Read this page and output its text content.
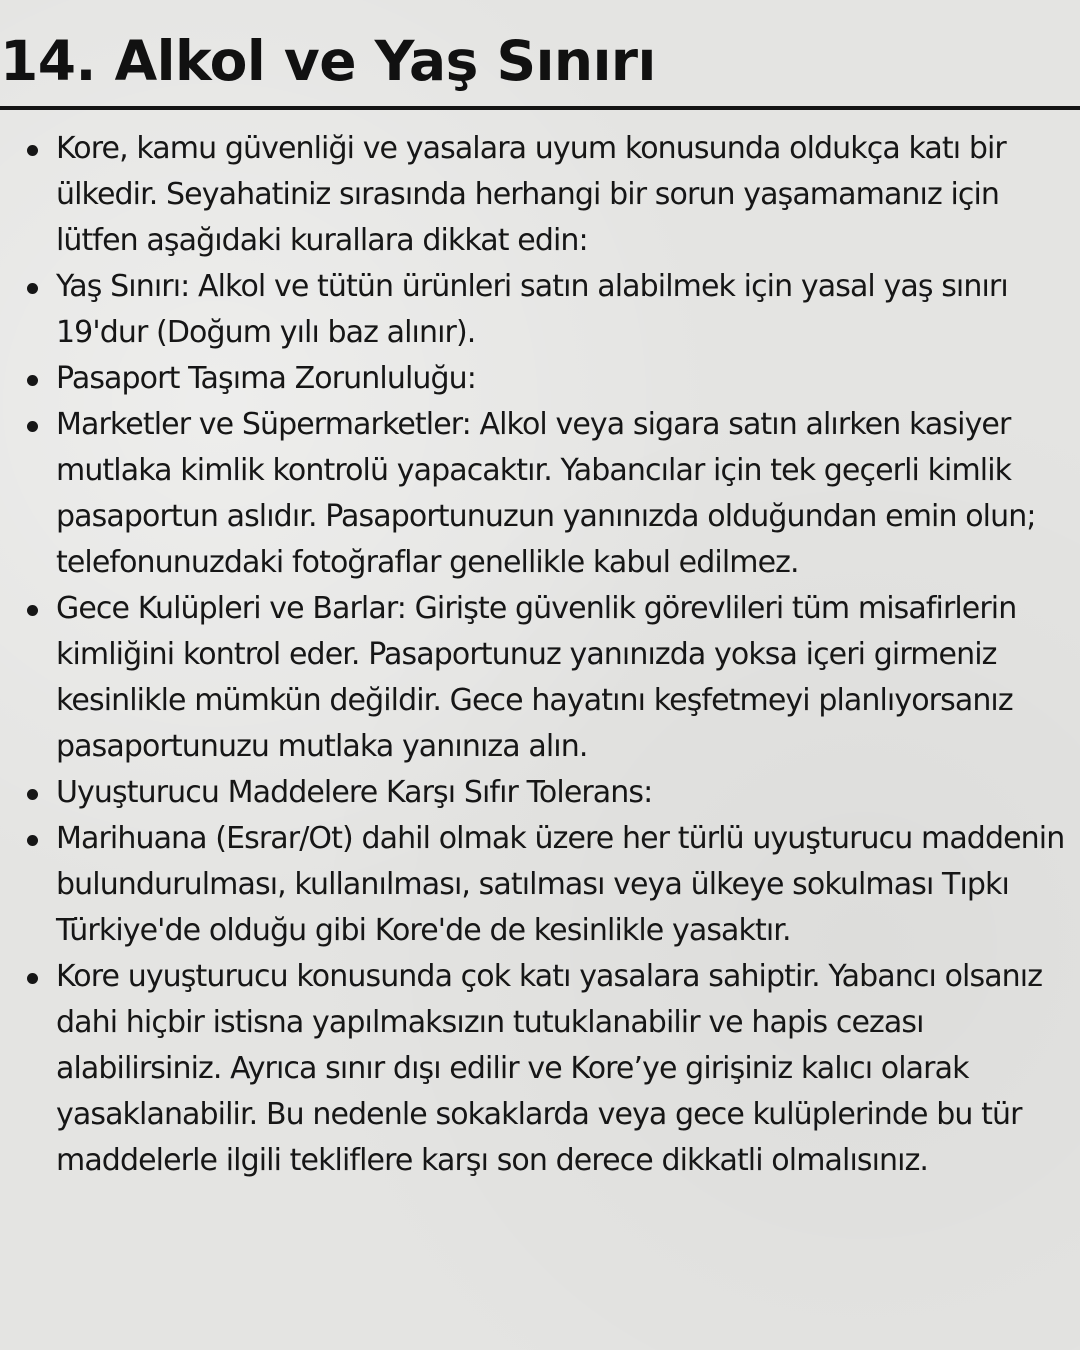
14. Alkol ve Yaş Sınırı
Kore, kamu güvenliği ve yasalara uyum konusunda oldukça katı bir ülkedir. Seyahatiniz sırasında herhangi bir sorun yaşamamanız için lütfen aşağıdaki kurallara dikkat edin:
Yaş Sınırı: Alkol ve tütün ürünleri satın alabilmek için yasal yaş sınırı 19'dur (Doğum yılı baz alınır).
Pasaport Taşıma Zorunluluğu:
Marketler ve Süpermarketler: Alkol veya sigara satın alırken kasiyer mutlaka kimlik kontrolü yapacaktır. Yabancılar için tek geçerli kimlik pasaportun aslıdır. Pasaportunuzun yanınızda olduğundan emin olun; telefonunuzdaki fotoğraflar genellikle kabul edilmez.
Gece Kulüpleri ve Barlar: Girişte güvenlik görevlileri tüm misafirlerin kimliğini kontrol eder. Pasaportunuz yanınızda yoksa içeri girmeniz kesinlikle mümkün değildir. Gece hayatını keşfetmeyi planlıyorsanız pasaportunuzu mutlaka yanınıza alın.
Uyuşturucu Maddelere Karşı Sıfır Tolerans:
Marihuana (Esrar/Ot) dahil olmak üzere her türlü uyuşturucu maddenin bulundurulması, kullanılması, satılması veya ülkeye sokulması Tıpkı Türkiye'de olduğu gibi Kore'de de kesinlikle yasaktır.
Kore uyuşturucu konusunda çok katı yasalara sahiptir. Yabancı olsanız dahi hiçbir istisna yapılmaksızın tutuklanabilir ve hapis cezası alabilirsiniz. Ayrıca sınır dışı edilir ve Kore’ye girişiniz kalıcı olarak yasaklanabilir. Bu nedenle sokaklarda veya gece kulüplerinde bu tür maddelerle ilgili tekliflere karşı son derece dikkatli olmalısınız.
